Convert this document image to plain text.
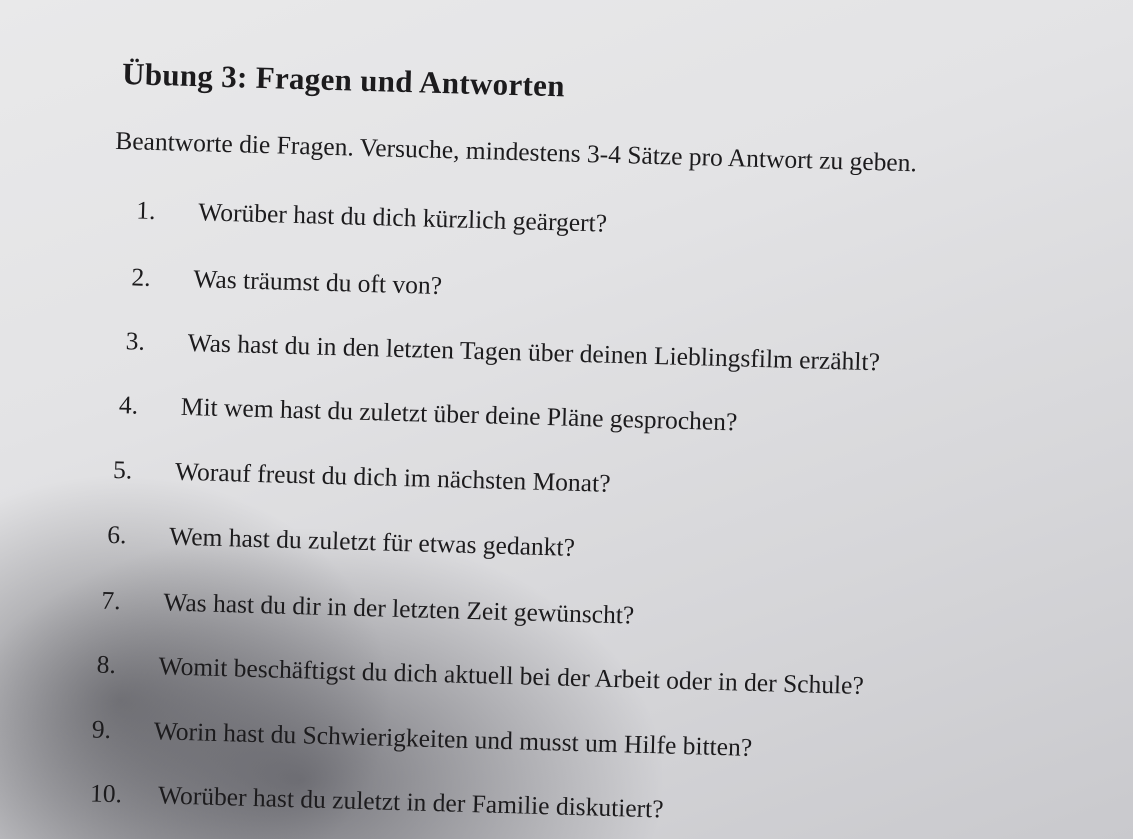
Übung 3: Fragen und Antworten
Beantworte die Fragen. Versuche, mindestens 3-4 Sätze pro Antwort zu geben.
1. Worüber hast du dich kürzlich geärgert?
2. Was träumst du oft von?
3. Was hast du in den letzten Tagen über deinen Lieblingsfilm erzählt?
4. Mit wem hast du zuletzt über deine Pläne gesprochen?
5. Worauf freust du dich im nächsten Monat?
6. Wem hast du zuletzt für etwas gedankt?
7. Was hast du dir in der letzten Zeit gewünscht?
8. Womit beschäftigst du dich aktuell bei der Arbeit oder in der Schule?
9. Worin hast du Schwierigkeiten und musst um Hilfe bitten?
10. Worüber hast du zuletzt in der Familie diskutiert?
